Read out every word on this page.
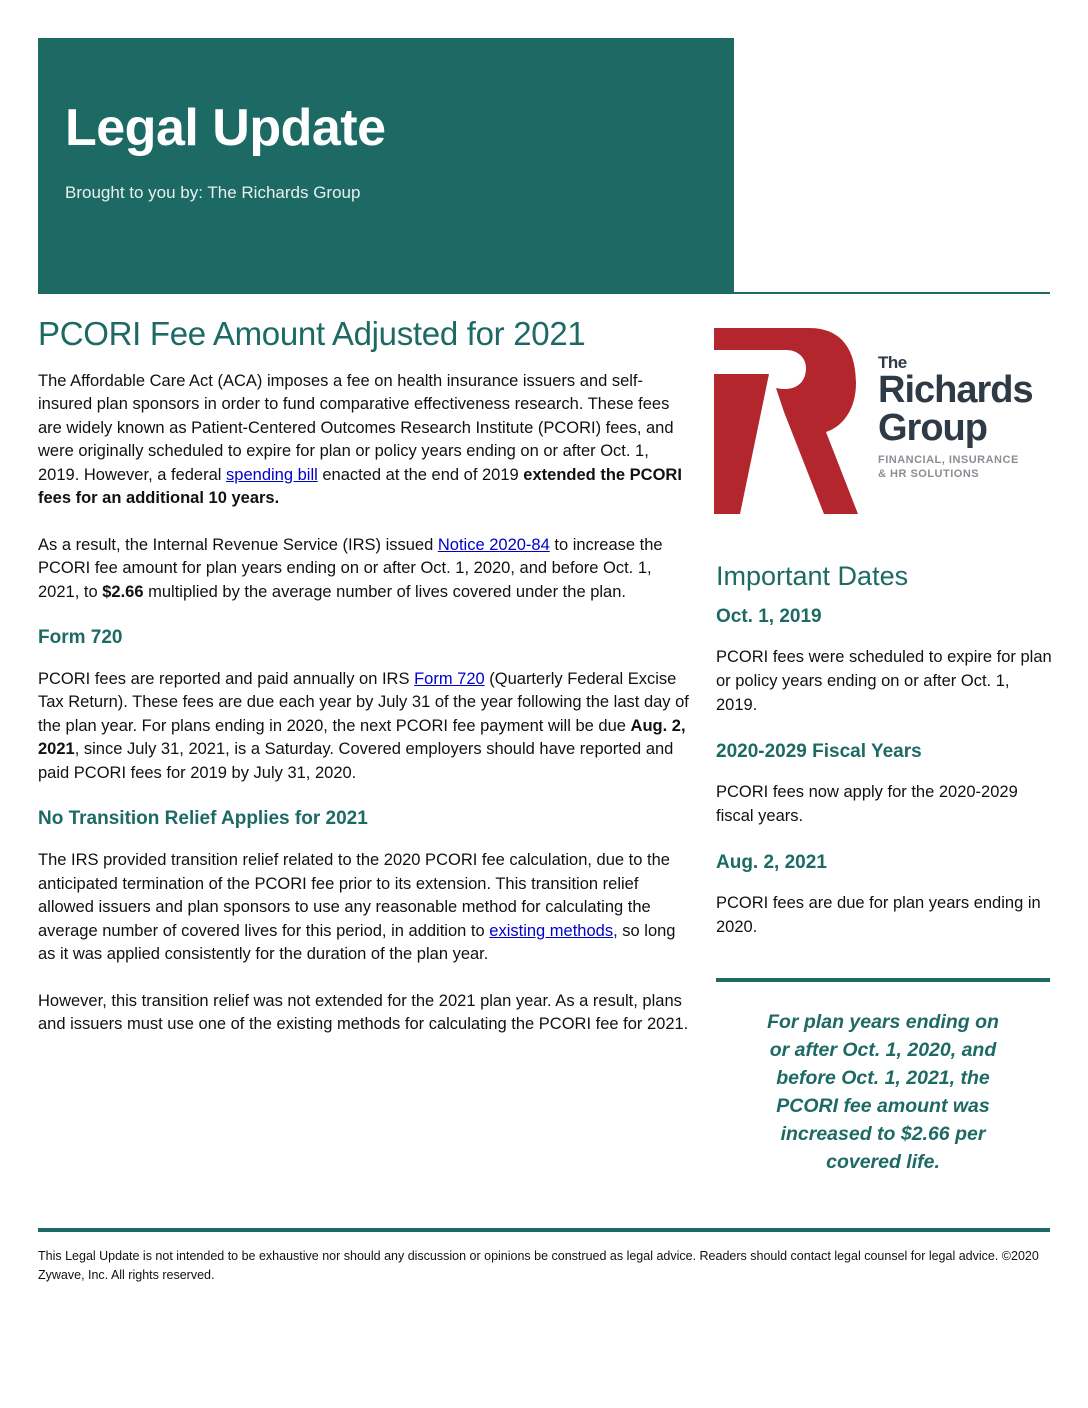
Legal Update
Brought to you by: The Richards Group
The
Richards
Group
FINANCIAL, INSURANCE
& HR SOLUTIONS
PCORI Fee Amount Adjusted for 2021

The Affordable Care Act (ACA) imposes a fee on health insurance issuers and self-insured plan sponsors in order to fund comparative effectiveness research. These fees are widely known as Patient-Centered Outcomes Research Institute (PCORI) fees, and were originally scheduled to expire for plan or policy years ending on or after Oct. 1, 2019. However, a federal spending bill enacted at the end of 2019 extended the PCORI fees for an additional 10 years.

As a result, the Internal Revenue Service (IRS) issued Notice 2020-84 to increase the PCORI fee amount for plan years ending on or after Oct. 1, 2020, and before Oct. 1, 2021, to $2.66 multiplied by the average number of lives covered under the plan.

Form 720

PCORI fees are reported and paid annually on IRS Form 720 (Quarterly Federal Excise Tax Return). These fees are due each year by July 31 of the year following the last day of the plan year. For plans ending in 2020, the next PCORI fee payment will be due Aug. 2, 2021, since July 31, 2021, is a Saturday. Covered employers should have reported and paid PCORI fees for 2019 by July 31, 2020.

No Transition Relief Applies for 2021

The IRS provided transition relief related to the 2020 PCORI fee calculation, due to the anticipated termination of the PCORI fee prior to its extension. This transition relief allowed issuers and plan sponsors to use any reasonable method for calculating the average number of covered lives for this period, in addition to existing methods, so long as it was applied consistently for the duration of the plan year.

However, this transition relief was not extended for the 2021 plan year. As a result, plans and issuers must use one of the existing methods for calculating the PCORI fee for 2021.

Important Dates
Oct. 1, 2019
PCORI fees were scheduled to expire for plan or policy years ending on or after Oct. 1, 2019.
2020-2029 Fiscal Years
PCORI fees now apply for the 2020-2029 fiscal years.
Aug. 2, 2021
PCORI fees are due for plan years ending in 2020.
For plan years ending on or after Oct. 1, 2020, and before Oct. 1, 2021, the PCORI fee amount was increased to $2.66 per covered life.
This Legal Update is not intended to be exhaustive nor should any discussion or opinions be construed as legal advice. Readers should contact legal counsel for legal advice. ©2020 Zywave, Inc. All rights reserved.
